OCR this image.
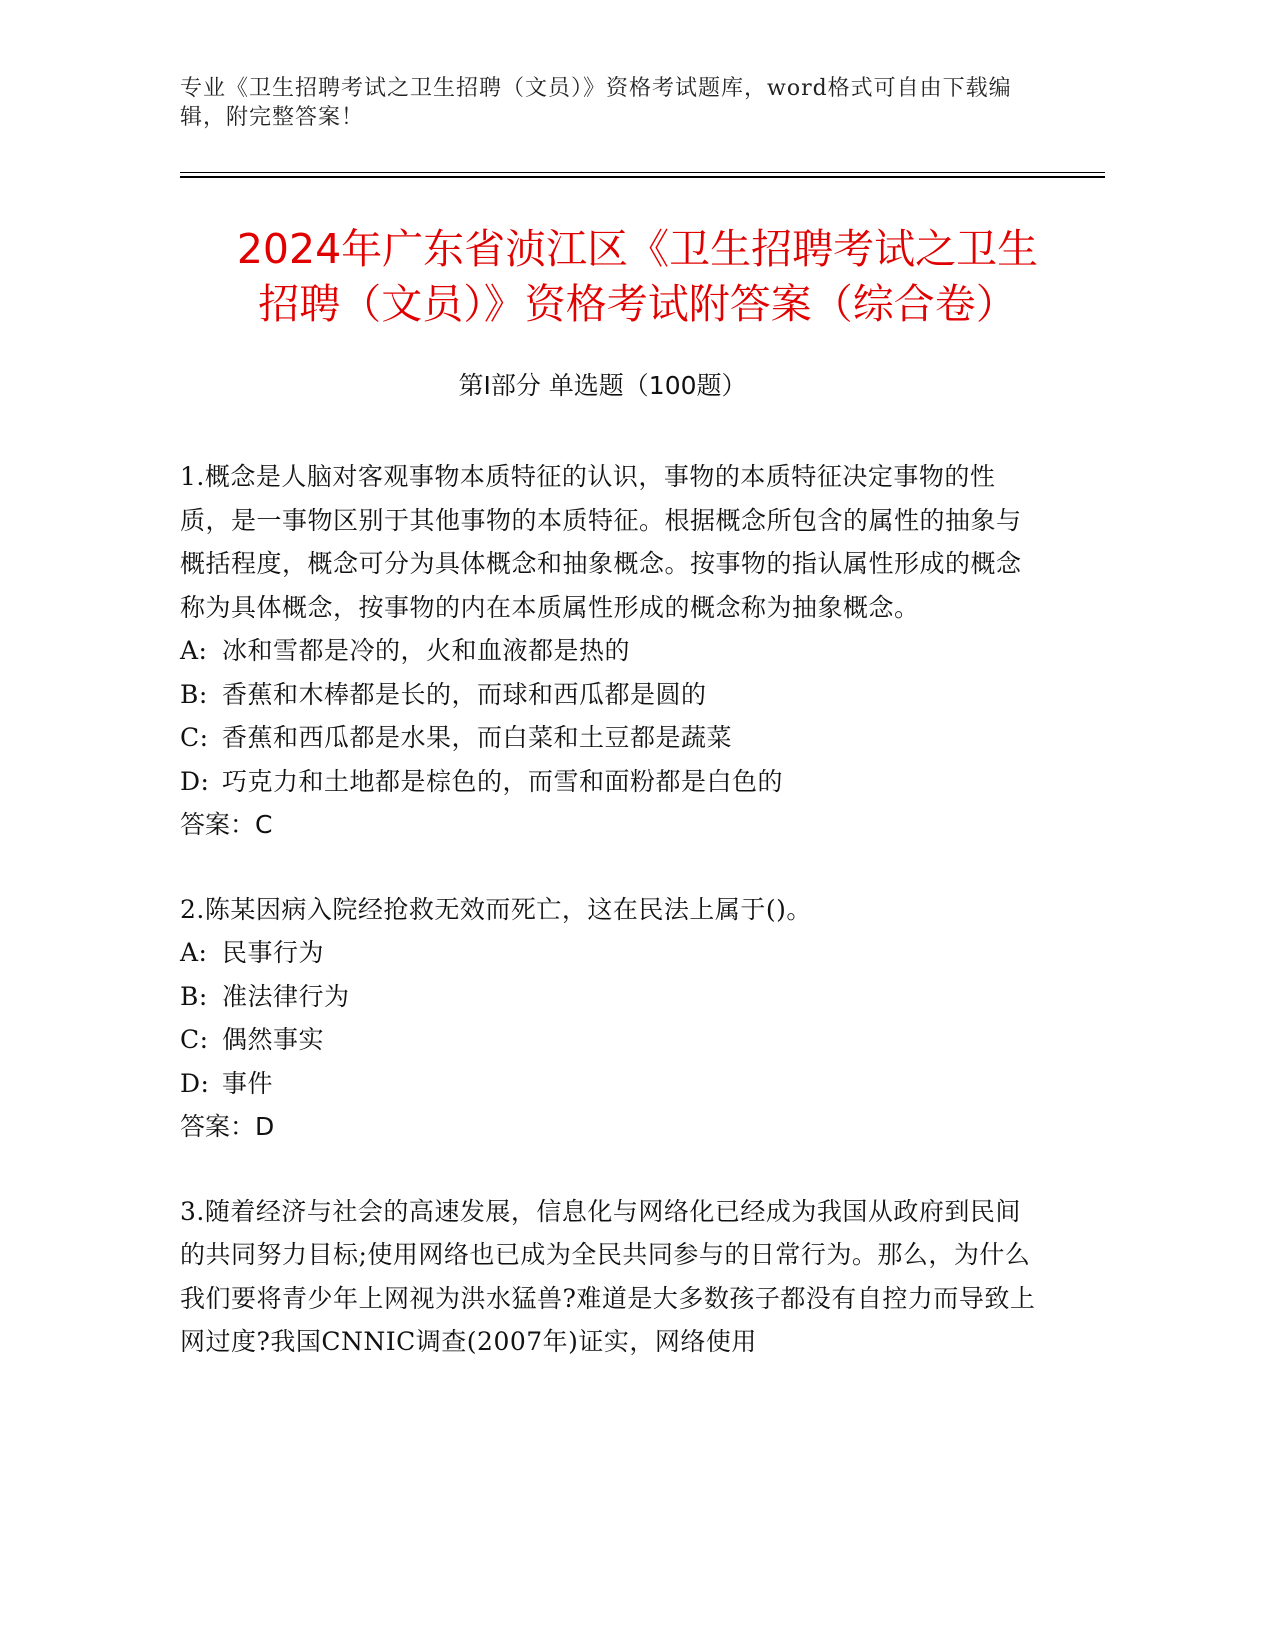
专业《卫生招聘考试之卫生招聘（文员）》资格考试题库，word格式可自由下载编辑，附完整答案！
2024年广东省浈江区《卫生招聘考试之卫生
招聘（文员）》资格考试附答案（综合卷）
第Ⅰ部分 单选题（100题）

1.概念是人脑对客观事物本质特征的认识，事物的本质特征决定事物的性质，是一事物区别于其他事物的本质特征。根据概念所包含的属性的抽象与概括程度，概念可分为具体概念和抽象概念。按事物的指认属性形成的概念称为具体概念，按事物的内在本质属性形成的概念称为抽象概念。

A: 冰和雪都是冷的，火和血液都是热的
B: 香蕉和木棒都是长的，而球和西瓜都是圆的
C: 香蕉和西瓜都是水果，而白菜和土豆都是蔬菜
D: 巧克力和土地都是棕色的，而雪和面粉都是白色的
答案：C

2.陈某因病入院经抢救无效而死亡，这在民法上属于()。

A: 民事行为
B: 准法律行为
C: 偶然事实
D: 事件
答案：D

3.随着经济与社会的高速发展，信息化与网络化已经成为我国从政府到民间的共同努力目标;使用网络也已成为全民共同参与的日常行为。那么，为什么我们要将青少年上网视为洪水猛兽?难道是大多数孩子都没有自控力而导致上网过度?我国CNNIC调查(2007年)证实，网络使用
